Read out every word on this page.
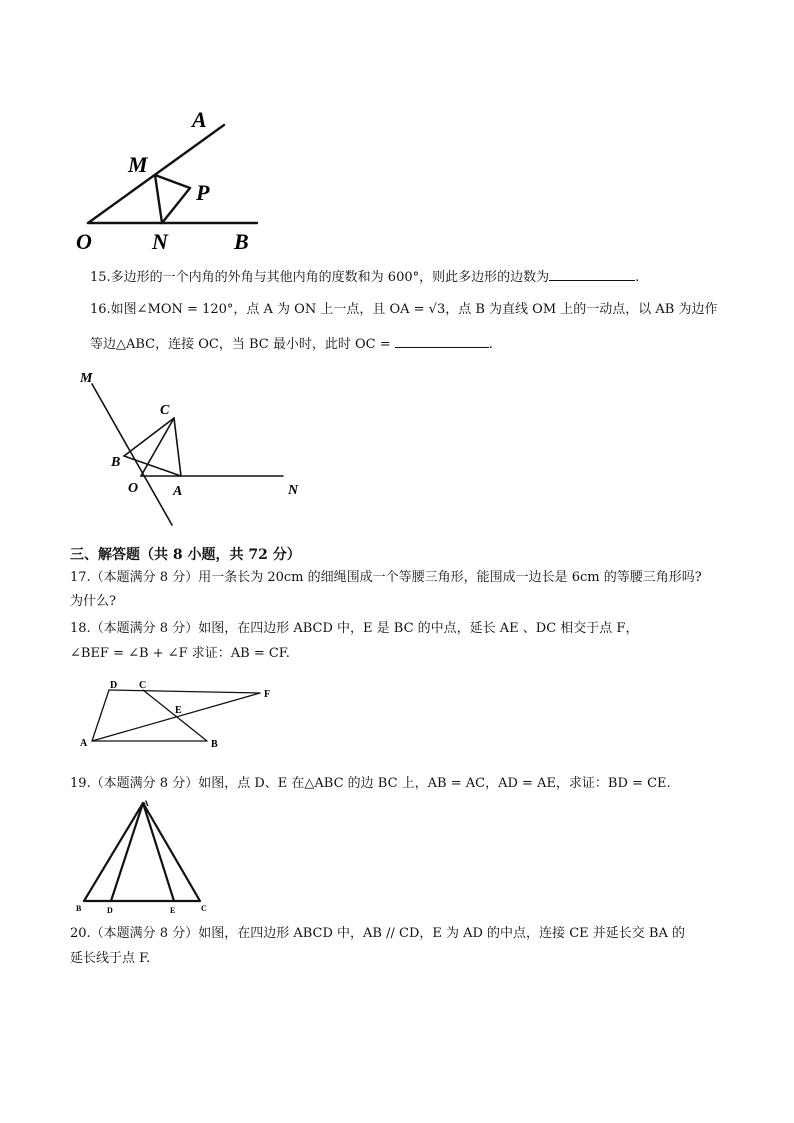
A
M
P
O	N	B
15.多边形的一个内角的外角与其他内角的度数和为 600°，则此多边形的边数为	.
16.如图∠MON = 120°，点 A 为 ON 上一点，且 OA = √3，点 B 为直线 OM 上的一动点，以 AB 为边作
等边△ABC，连接 OC，当 BC 最小时，此时 OC =	.
M
C
B
O A	N
三、解答题（共 8 小题，共 72 分）
17.（本题满分 8 分）用一条长为 20cm 的细绳围成一个等腰三角形，能围成一边长是 6cm 的等腰三角形吗?
为什么?
18.（本题满分 8 分）如图，在四边形 ABCD 中，E 是 BC 的中点，延长 AE 、DC 相交于点 F，
∠BEF = ∠B + ∠F 求证：AB = CF.
D C
F
E
A	B
19.（本题满分 8 分）如图，点 D、E 在△ABC 的边 BC 上，AB = AC，AD = AE，求证：BD = CE.
A
B	D	E	C
20.（本题满分 8 分）如图，在四边形 ABCD 中，AB // CD，E 为 AD 的中点，连接 CE 并延长交 BA 的
延长线于点 F.
